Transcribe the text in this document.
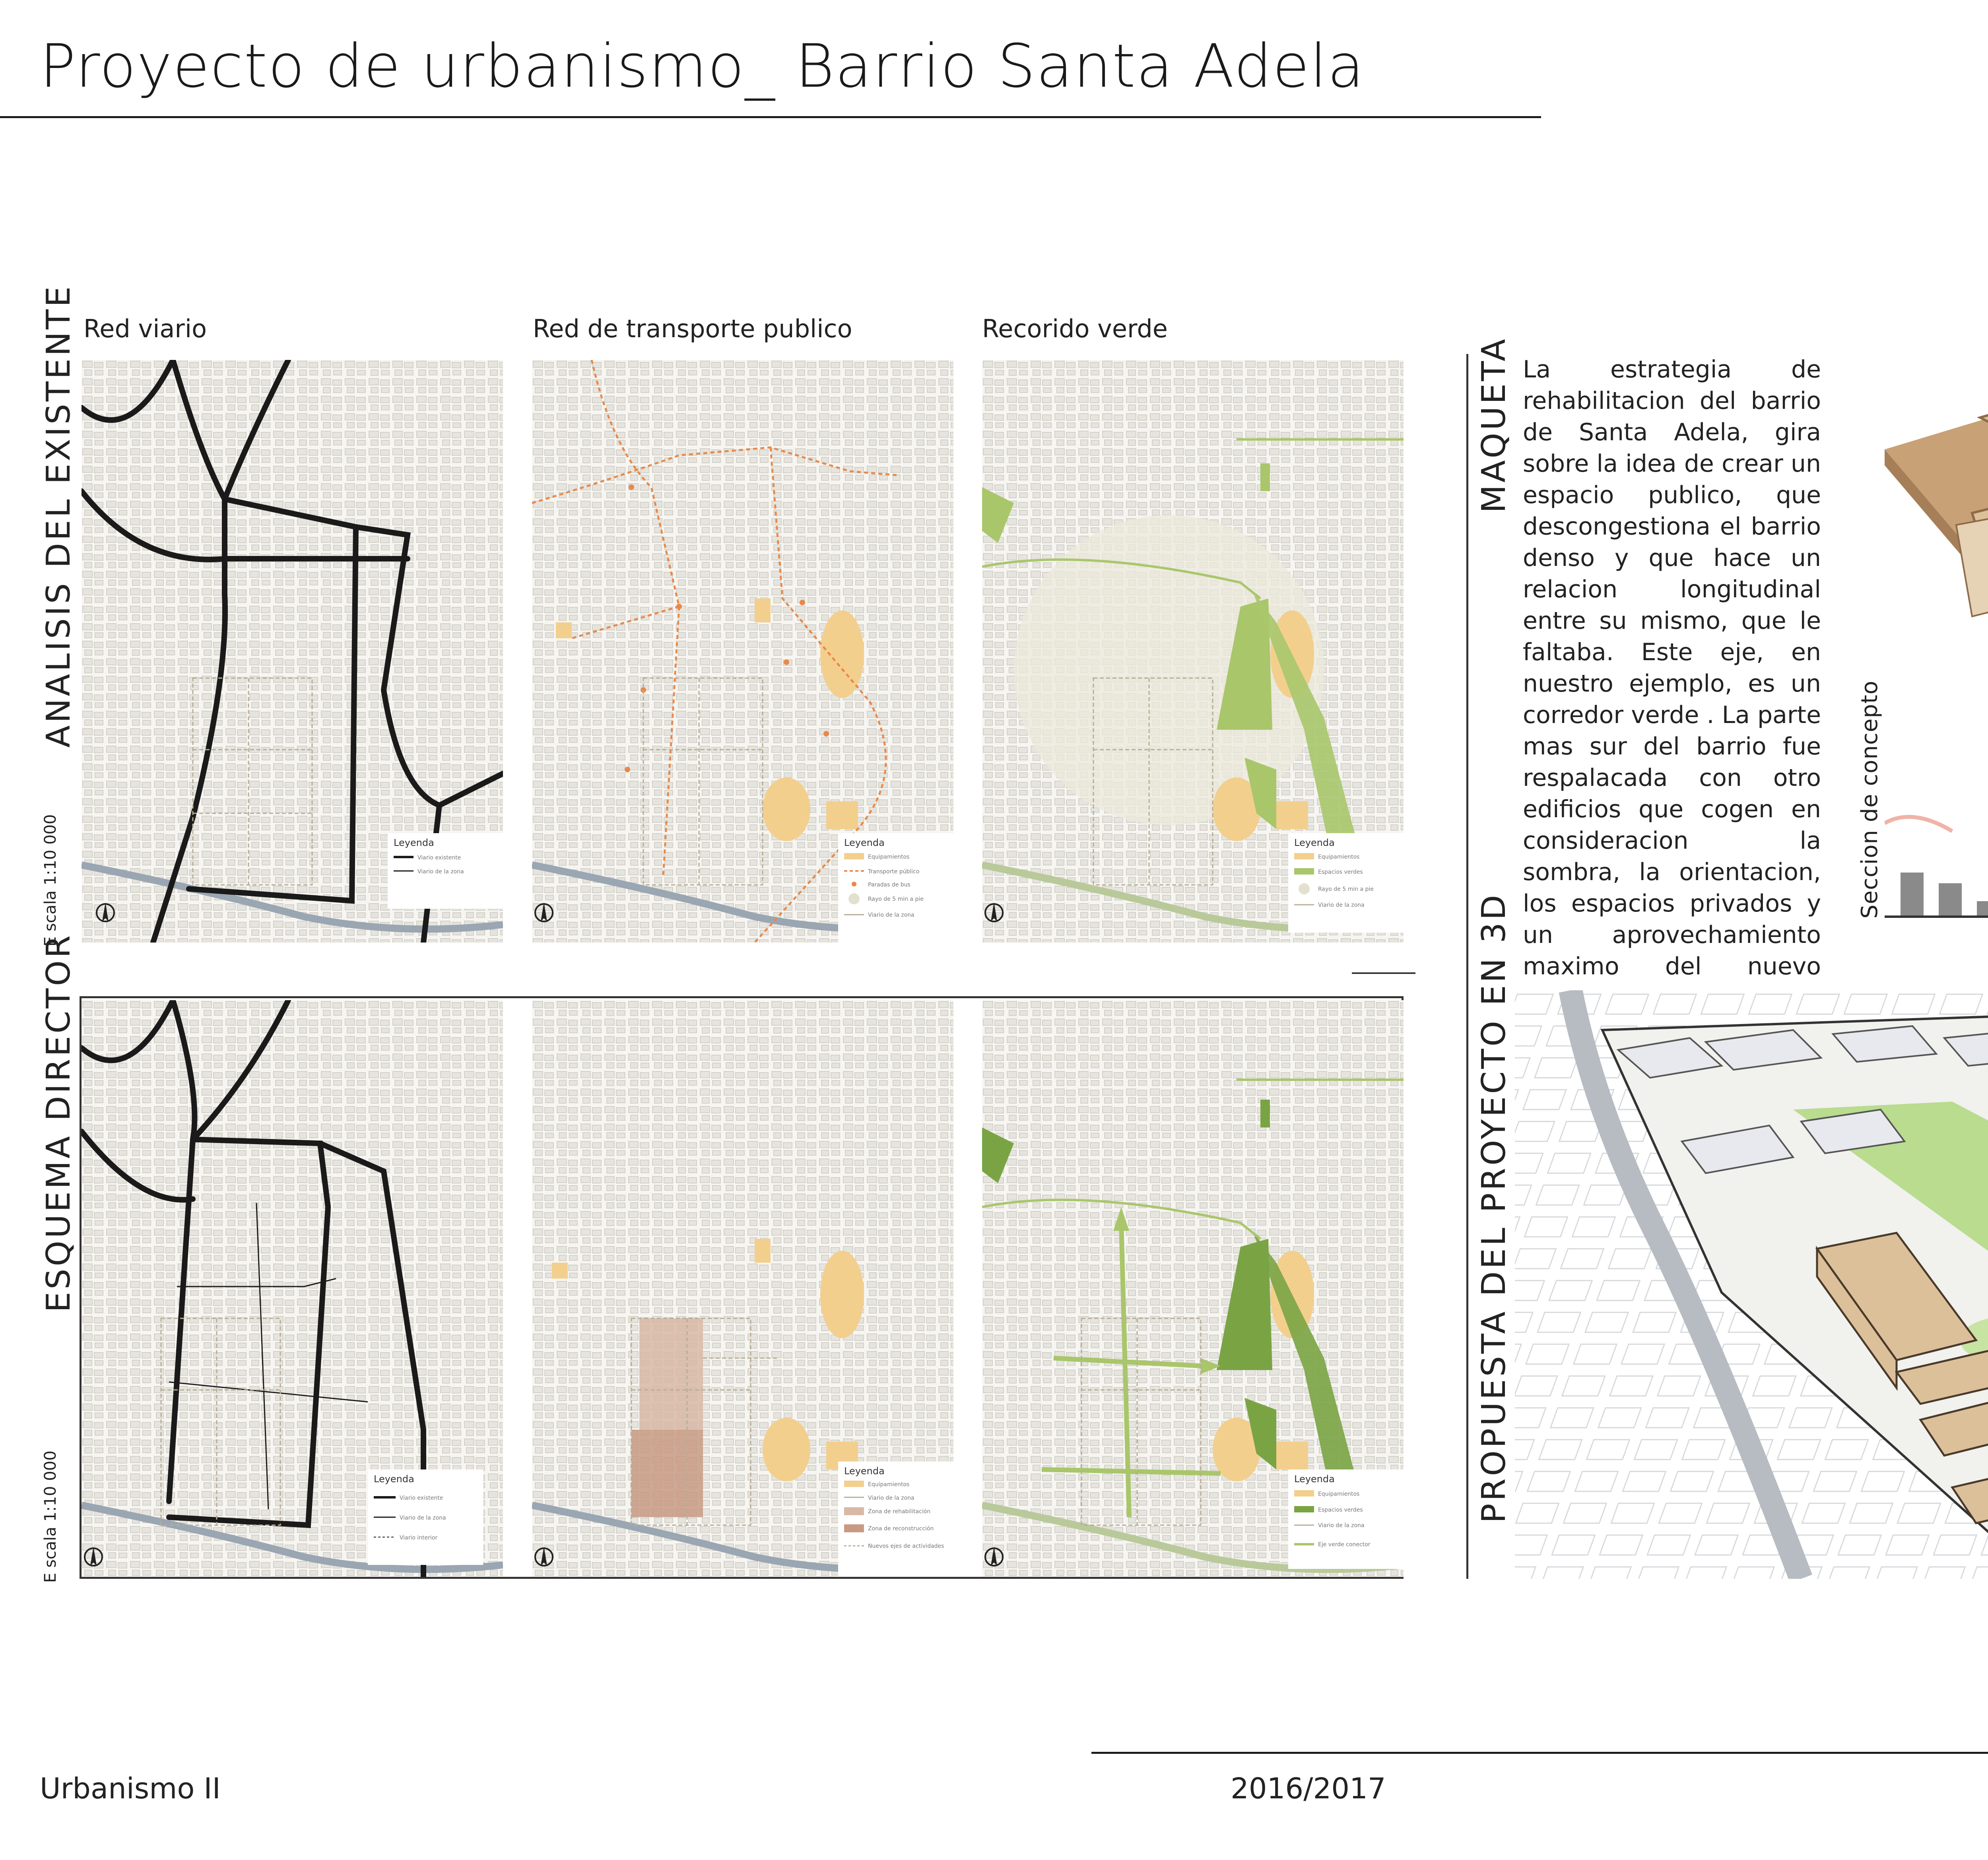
Proyecto de urbanismo_ Barrio Santa Adela
Red viario	Red de transporte publico	Recorido verde
ANALISIS DEL EXISTENTE
E scala 1:10 000
ESQUEMA DIRECTOR
E scala 1:10 000
MAQUETA
PROPUESTA DEL PROYECTO EN 3D
Leyenda
Viario existente
Viario de la zona
Leyenda
Equipamientos
Transporte público
Paradas de bus
Rayo de 5 min a pie
Viario de la zona
Leyenda
Equipamientos
Espacios verdes
Rayo de 5 min a pie
Viario de la zona
Leyenda
Viario existente
Viario de la zona
Viario interior
Leyenda
Equipamientos
Viario de la zona
Zona de rehabilitación
Zona de reconstrucción
Nuevos ejes de actividades
Leyenda
Equipamientos
Espacios verdes
Viario de la zona
Eje verde conector
La estrategia de rehabilitacion del barrio de Santa Adela, gira sobre la idea de crear un espacio publico, que descongestiona el barrio denso y que hace un relacion longitudinal entre su mismo, que le faltaba. Este eje, en nuestro ejemplo, es un corredor verde . La parte mas sur del barrio fue respalacada con otro edificios que cogen en consideracion la sombra, la orientacion, los espacios privados y un aprovechamiento maximo del nuevo
Seccion de concepto
Urbanismo II	2016/2017
